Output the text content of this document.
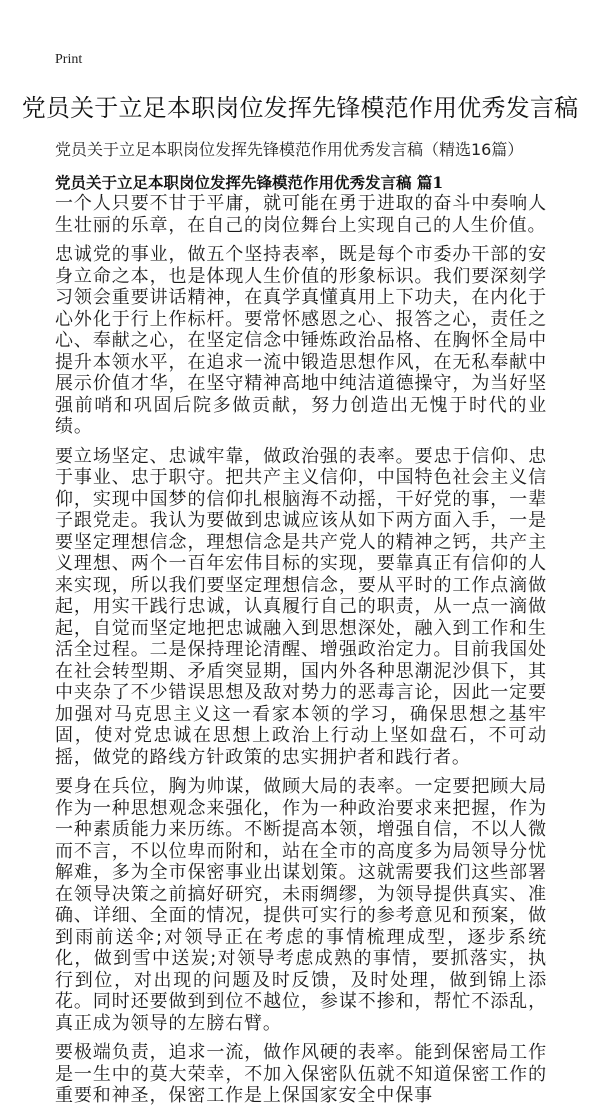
Print
党员关于立足本职岗位发挥先锋模范作用优秀发言稿
党员关于立足本职岗位发挥先锋模范作用优秀发言稿（精选16篇）
党员关于立足本职岗位发挥先锋模范作用优秀发言稿 篇1

一个人只要不甘于平庸，就可能在勇于进取的奋斗中奏响人生壮丽的乐章，在自己的岗位舞台上实现自己的人生价值。

忠诚党的事业，做五个坚持表率，既是每个市委办干部的安身立命之本，也是体现人生价值的形象标识。我们要深刻学习领会重要讲话精神，在真学真懂真用上下功夫，在内化于心外化于行上作标杆。要常怀感恩之心、报答之心，责任之心、奉献之心，在坚定信念中锤炼政治品格、在胸怀全局中提升本领水平，在追求一流中锻造思想作风，在无私奉献中展示价值才华，在坚守精神高地中纯洁道德操守，为当好坚强前哨和巩固后院多做贡献，努力创造出无愧于时代的业绩。

要立场坚定、忠诚牢靠，做政治强的表率。要忠于信仰、忠于事业、忠于职守。把共产主义信仰，中国特色社会主义信仰，实现中国梦的信仰扎根脑海不动摇，干好党的事，一辈子跟党走。我认为要做到忠诚应该从如下两方面入手，一是要坚定理想信念，理想信念是共产党人的精神之钙，共产主义理想、两个一百年宏伟目标的实现，要靠真正有信仰的人来实现，所以我们要坚定理想信念，要从平时的工作点滴做起，用实干践行忠诚，认真履行自己的职责，从一点一滴做起，自觉而坚定地把忠诚融入到思想深处，融入到工作和生活全过程。二是保持理论清醒、增强政治定力。目前我国处在社会转型期、矛盾突显期，国内外各种思潮泥沙俱下，其中夹杂了不少错误思想及敌对势力的恶毒言论，因此一定要加强对马克思主义这一看家本领的学习，确保思想之基牢固，使对党忠诚在思想上政治上行动上坚如盘石，不可动摇，做党的路线方针政策的忠实拥护者和践行者。

要身在兵位，胸为帅谋，做顾大局的表率。一定要把顾大局作为一种思想观念来强化，作为一种政治要求来把握，作为一种素质能力来历练。不断提高本领，增强自信，不以人微而不言，不以位卑而附和，站在全市的高度多为局领导分忧解难，多为全市保密事业出谋划策。这就需要我们这些部署在领导决策之前搞好研究，未雨绸缪，为领导提供真实、准确、详细、全面的情况，提供可实行的参考意见和预案，做到雨前送伞;对领导正在考虑的事情梳理成型，逐步系统化，做到雪中送炭;对领导考虑成熟的事情，要抓落实，执行到位，对出现的问题及时反馈，及时处理，做到锦上添花。同时还要做到到位不越位，参谋不掺和，帮忙不添乱，真正成为领导的左膀右臂。

要极端负责，追求一流，做作风硬的表率。能到保密局工作是一生中的莫大荣幸，不加入保密队伍就不知道保密工作的重要和神圣，保密工作是上保国家安全中保事
